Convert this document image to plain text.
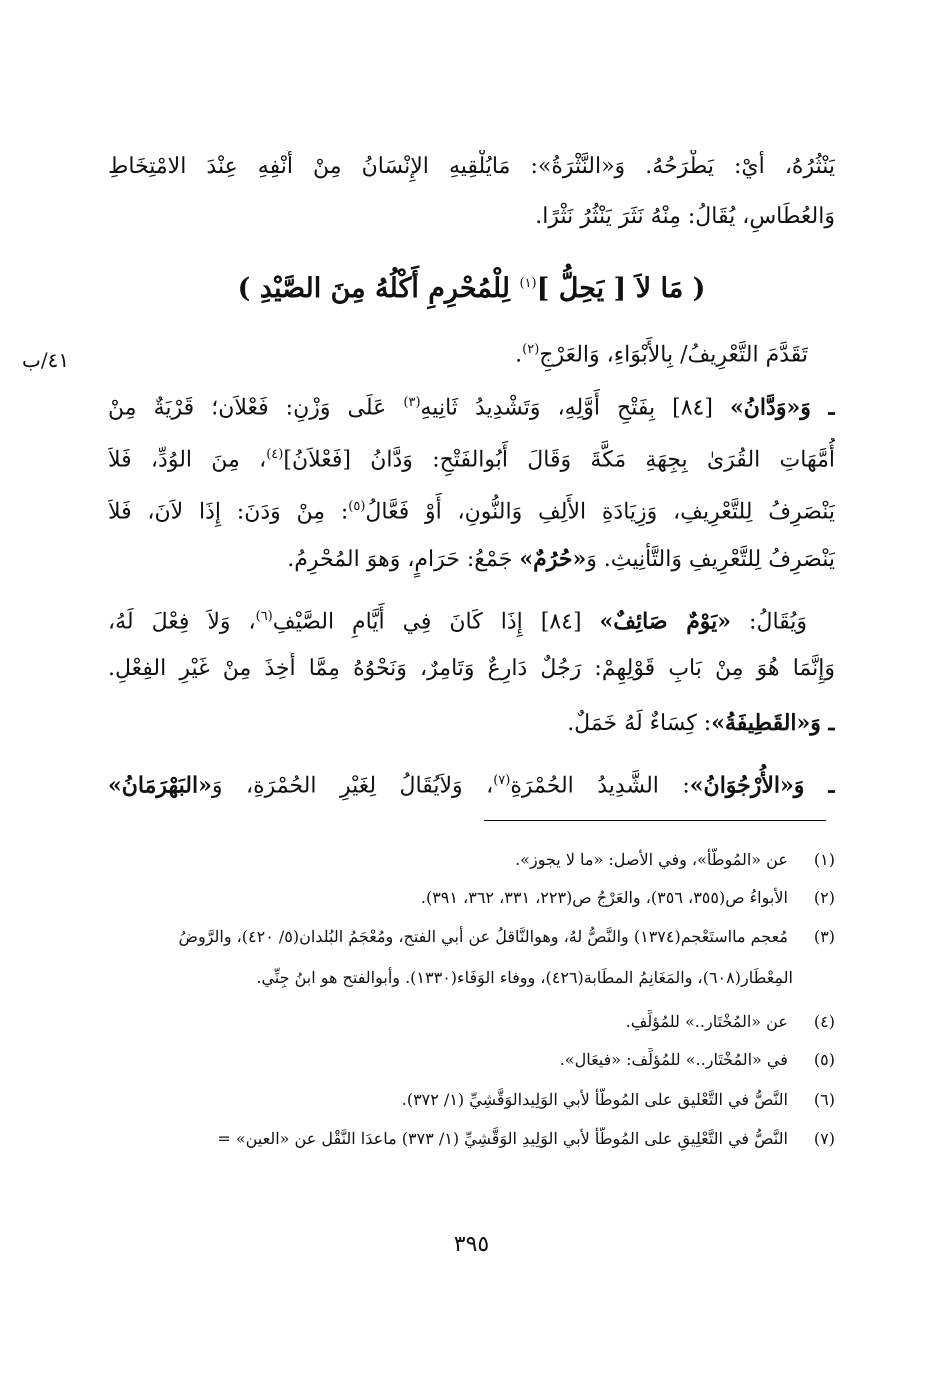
يَنْثُرُهُ، أيْ: يَطْرَحُهُ. وَ«النَّثْرَةُ»: مَايُلْقِيهِ الإِنْسَانُ مِنْ أَنْفِهِ عِنْدَ الامْتِخَاطِ
وَالعُطَاسِ، يُقَالُ: مِنْهُ نَثَرَ يَنْثُرُ نَثْرًا.
( مَا لاَ [ يَحِلُّ ]$^{(١)}$ لِلْمُحْرِمِ أَكْلُهُ مِنَ الصَّيْدِ )
تَقَدَّمَ التَّعْرِيفُ/ بِالأَبْوَاءِ، وَالعَرْجِ$^{(٢)}$.
٤١/ب
ـ وَ«وَدَّانُ» [٨٤] بِفَتْحِ أَوَّلِهِ، وَتَشْدِيدُ ثَانِيهِ$^{(٣)}$ عَلَى وَزْنِ: فَعْلاَن؛ قَرْيَةٌ مِنْ
أُمَّهَاتِ القُرَىٰ بِجِهَةِ مَكَّةَ وَقَالَ أَبُوالفَتْحِ: وَدَّانُ [فَعْلاَنُ]$^{(٤)}$، مِنَ الوُدِّ، فَلاَ
يَنْصَرِفُ لِلتَّعْرِيفِ، وَزِيَادَةِ الأَلِفِ وَالنُّونِ، أَوْ فَعَّالُ$^{(٥)}$: مِنْ وَدَنَ: إِذَا لاَنَ، فَلاَ
يَنْصَرِفُ لِلتَّعْرِيفِ وَالتَّأْنِيثِ. وَ«حُرُمٌ» جَمْعُ: حَرَامٍ، وَهوَ المُحْرِمُ.
وَيُقَالُ: «يَوْمٌ صَائِفٌ» [٨٤] إِذَا كَانَ فِي أَيَّامِ الصَّيْفِ$^{(٦)}$، وَلاَ فِعْلَ لَهُ،
وَإِنَّمَا هُوَ مِنْ بَابِ قَوْلِهِمْ: رَجُلٌ دَارِعٌ وَتَامِرٌ، وَنَحْوُهُ مِمَّا أُخِذَ مِنْ غَيْرِ الفِعْلِ.
ـ وَ«القَطِيفَةُ»: كِسَاءٌ لَهُ خَمَلٌ.
ـ وَ«الأُرْجُوَانُ»: الشَّدِيدُ الحُمْرَةِ$^{(٧)}$، وَلاَيُقَالُ لِغَيْرِ الحُمْرَةِ، وَ«البَهْرَمَانُ»
(١) عن «المُوطَّأ»، وفي الأصل: «ما لا يجوز».
(٢) الأبواءُ ص(٣٥٥، ٣٥٦)، والعَرْجُ ص(٢٢٣، ٣٣١، ٣٦٢، ٣٩١).
(٣) مُعجم مااستَعْجم(١٣٧٤) والنَّصُّ لهُ، وهوالنَّاقلُ عن أبي الفتح، ومُعْجَمُ البُلدان(٥/ ٤٢٠)، والرَّوضُ
المِعْطَار(٦٠٨)، والمَغَانِمُ المطَابة(٤٢٦)، ووفاء الوَفَاء(١٣٣٠). وأبوالفتح هو ابنُ جِنِّي.
(٤) عن «المُخْتَار..» للمُؤلِّفِ.
(٥) في «المُخْتَار..» للمُؤلِّف: «فيعَال».
(٦) النَّصُّ في التَّعْليق على المُوطَّأ لأبي الوَلِيدالوَقَّشِيِّ (١/ ٣٧٢).
(٧) النَّصُّ في التَّعْلِيقِ على المُوطَّأ لأبي الوَلِيدِ الوَقَّشِيِّ (١/ ٣٧٣) ماعدَا النَّقْل عن «العين» =
٣٩٥
